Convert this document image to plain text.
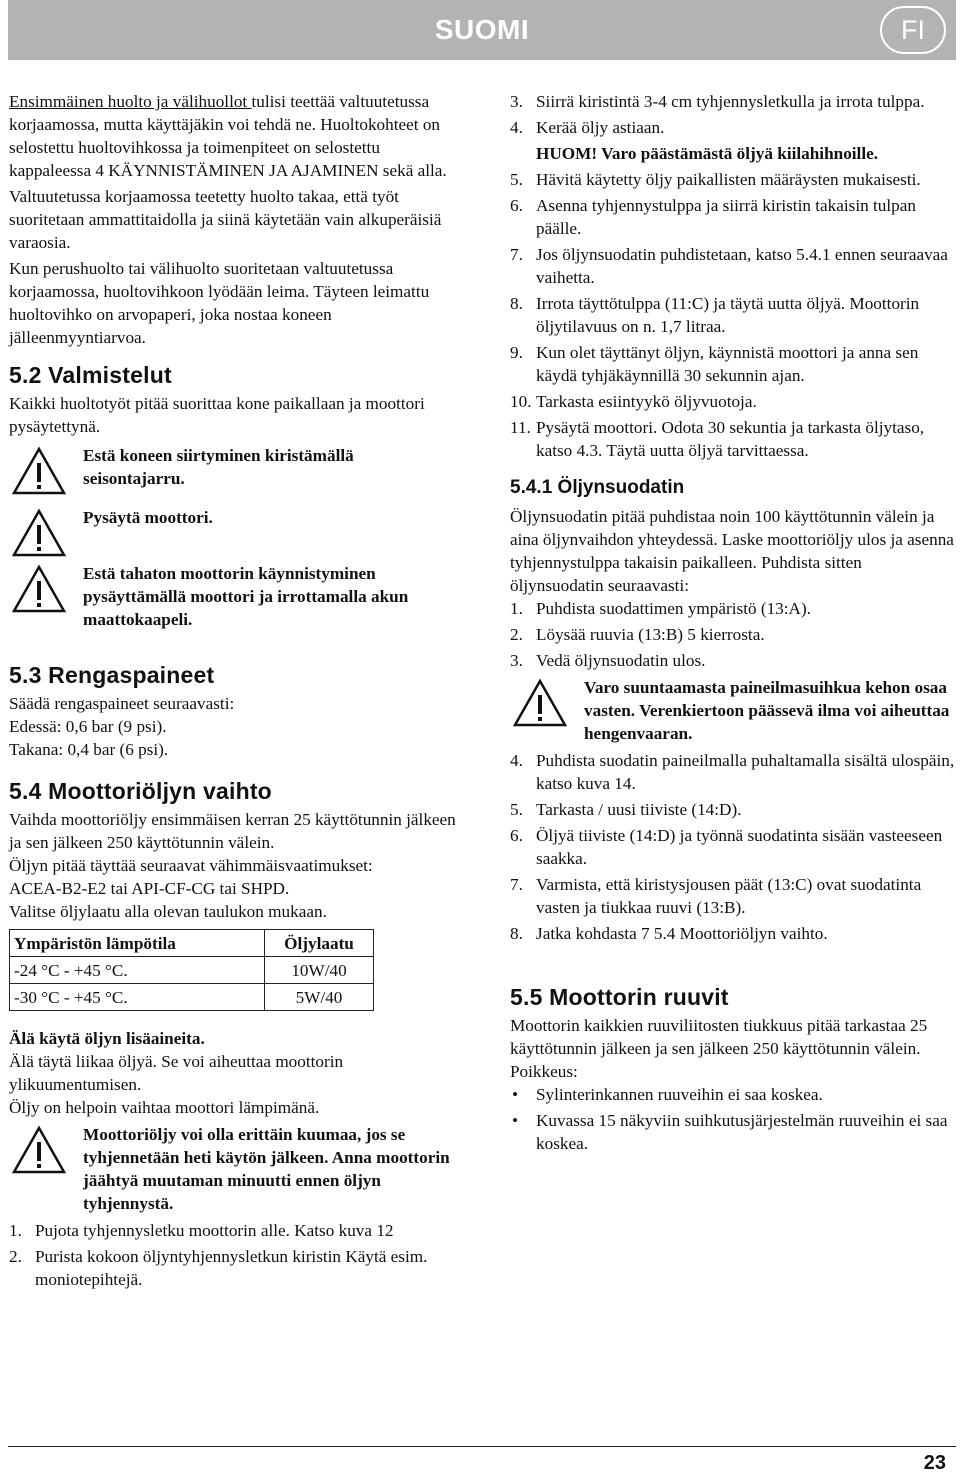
SUOMI	FI

Ensimmäinen huolto ja välihuollot tulisi teettää valtuutetussa korjaamossa, mutta käyttäjäkin voi tehdä ne. Huoltokohteet on selostettu huoltovihkossa ja toimenpiteet on selostettu kappaleessa 4 KÄYNNISTÄMINEN JA AJAMINEN sekä alla.

Valtuutetussa korjaamossa teetetty huolto takaa, että työt suoritetaan ammattitaidolla ja siinä käytetään vain alkuperäisiä varaosia.

Kun perushuolto tai välihuolto suoritetaan valtuutetussa korjaamossa, huoltovihkoon lyödään leima. Täyteen leimattu huoltovihko on arvopaperi, joka nostaa koneen jälleenmyyntiarvoa.

5.2 Valmistelut

Kaikki huoltotyöt pitää suorittaa kone paikallaan ja moottori pysäytettynä.

Estä koneen siirtyminen kiristämällä seisontajarru.
Pysäytä moottori.
Estä tahaton moottorin käynnistyminen pysäyttämällä moottori ja irrottamalla akun maattokaapeli.
5.3 Rengaspaineet

Säädä rengaspaineet seuraavasti:

Edessä: 0,6 bar (9 psi).

Takana: 0,4 bar (6 psi).

5.4 Moottoriöljyn vaihto

Vaihda moottoriöljy ensimmäisen kerran 25 käyttötunnin jälkeen ja sen jälkeen 250 käyttötunnin välein.

Öljyn pitää täyttää seuraavat vähimmäisvaatimukset:

ACEA-B2-E2 tai API-CF-CG tai SHPD.

Valitse öljylaatu alla olevan taulukon mukaan.

Ympäristön lämpötila	Öljylaatu
-24 °C - +45 °C.	10W/40
-30 °C - +45 °C.	5W/40

Älä käytä öljyn lisäaineita.

Älä täytä liikaa öljyä. Se voi aiheuttaa moottorin ylikuumentumisen.

Öljy on helpoin vaihtaa moottori lämpimänä.

Moottoriöljy voi olla erittäin kuumaa, jos se tyhjennetään heti käytön jälkeen. Anna moottorin jäähtyä muutaman minuutti ennen öljyn tyhjennystä.
1. Pujota tyhjennysletku moottorin alle. Katso kuva 12
2. Purista kokoon öljyntyhjennysletkun kiristin Käytä esim. moniotepihtejä.
3. Siirrä kiristintä 3-4 cm tyhjennysletkulla ja irrota tulppa.
4. Kerää öljy astiaan.

HUOM! Varo päästämästä öljyä kiilahihnoille.

5. Hävitä käytetty öljy paikallisten määräysten mukaisesti.
6. Asenna tyhjennystulppa ja siirrä kiristin takaisin tulpan päälle.
7. Jos öljynsuodatin puhdistetaan, katso 5.4.1 ennen seuraavaa vaihetta.
8. Irrota täyttötulppa (11:C) ja täytä uutta öljyä. Moottorin öljytilavuus on n. 1,7 litraa.
9. Kun olet täyttänyt öljyn, käynnistä moottori ja anna sen käydä tyhjäkäynnillä 30 sekunnin ajan.
10. Tarkasta esiintyykö öljyvuotoja.
11. Pysäytä moottori. Odota 30 sekuntia ja tarkasta öljytaso, katso 4.3. Täytä uutta öljyä tarvittaessa.
5.4.1 Öljynsuodatin

Öljynsuodatin pitää puhdistaa noin 100 käyttötunnin välein ja aina öljynvaihdon yhteydessä. Laske moottoriöljy ulos ja asenna tyhjennystulppa takaisin paikalleen. Puhdista sitten öljynsuodatin seuraavasti:

1. Puhdista suodattimen ympäristö (13:A).
2. Löysää ruuvia (13:B) 5 kierrosta.
3. Vedä öljynsuodatin ulos.
Varo suuntaamasta paineilmasuihkua kehon osaa vasten. Verenkiertoon päässevä ilma voi aiheuttaa hengenvaaran.
4. Puhdista suodatin paineilmalla puhaltamalla sisältä ulospäin, katso kuva 14.
5. Tarkasta / uusi tiiviste (14:D).
6. Öljyä tiiviste (14:D) ja työnnä suodatinta sisään vasteeseen saakka.
7. Varmista, että kiristysjousen päät (13:C) ovat suodatinta vasten ja tiukkaa ruuvi (13:B).
8. Jatka kohdasta 7 5.4 Moottoriöljyn vaihto.
5.5 Moottorin ruuvit

Moottorin kaikkien ruuviliitosten tiukkuus pitää tarkastaa 25 käyttötunnin jälkeen ja sen jälkeen 250 käyttötunnin välein.

Poikkeus:

• Sylinterinkannen ruuveihin ei saa koskea.
• Kuvassa 15 näkyviin suihkutusjärjestelmän ruuveihin ei saa koskea.
23
